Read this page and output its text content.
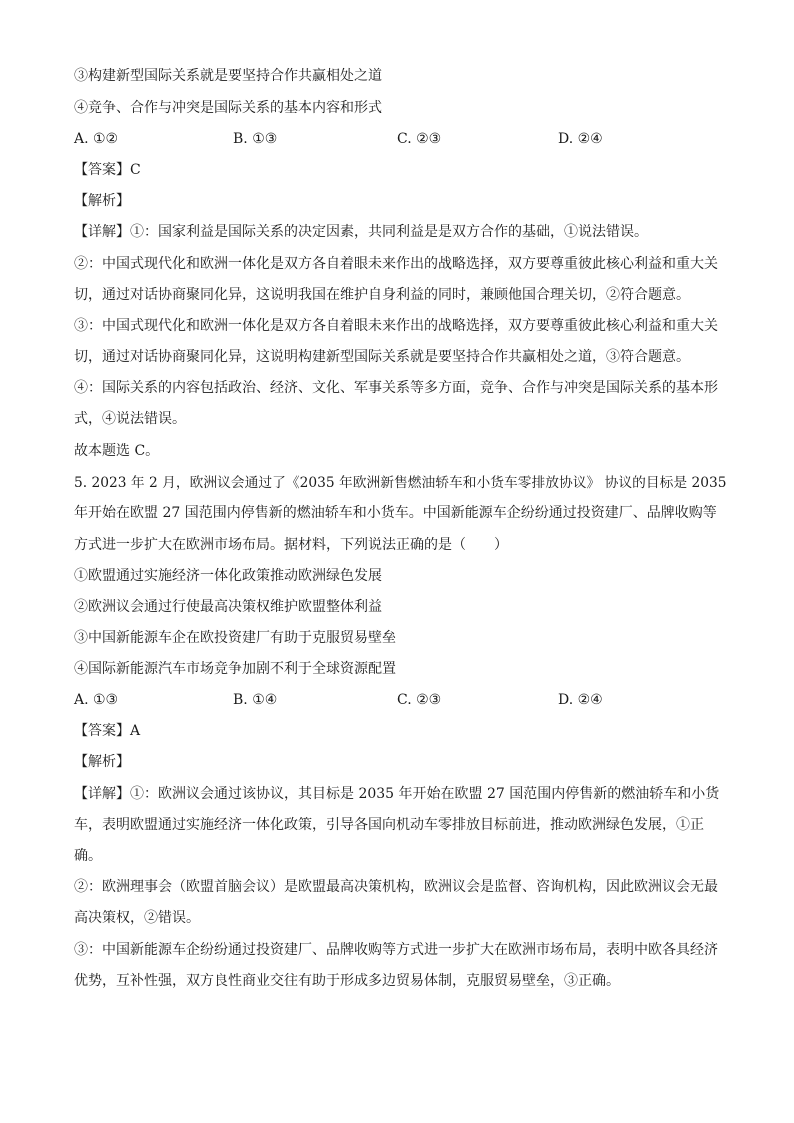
③构建新型国际关系就是要坚持合作共赢相处之道
④竞争、合作与冲突是国际关系的基本内容和形式
A. ①②	B. ①③	C. ②③	D. ②④
【答案】C
【解析】
【详解】①：国家利益是国际关系的决定因素，共同利益是是双方合作的基础，①说法错误。
②：中国式现代化和欧洲一体化是双方各自着眼未来作出的战略选择，双方要尊重彼此核心利益和重大关
切，通过对话协商聚同化异，这说明我国在维护自身利益的同时，兼顾他国合理关切，②符合题意。
③：中国式现代化和欧洲一体化是双方各自着眼未来作出的战略选择，双方要尊重彼此核心利益和重大关
切，通过对话协商聚同化异，这说明构建新型国际关系就是要坚持合作共赢相处之道，③符合题意。
④：国际关系的内容包括政治、经济、文化、军事关系等多方面，竞争、合作与冲突是国际关系的基本形
式，④说法错误。
故本题选 C。
5. 2023 年 2 月，欧洲议会通过了《2035 年欧洲新售燃油轿车和小货车零排放协议》 协议的目标是 2035
年开始在欧盟 27 国范围内停售新的燃油轿车和小货车。中国新能源车企纷纷通过投资建厂、品牌收购等
方式进一步扩大在欧洲市场布局。据材料，下列说法正确的是（　　）
①欧盟通过实施经济一体化政策推动欧洲绿色发展
②欧洲议会通过行使最高决策权维护欧盟整体利益
③中国新能源车企在欧投资建厂有助于克服贸易壁垒
④国际新能源汽车市场竞争加剧不利于全球资源配置
A. ①③	B. ①④	C. ②③	D. ②④
【答案】A
【解析】
【详解】①：欧洲议会通过该协议，其目标是 2035 年开始在欧盟 27 国范围内停售新的燃油轿车和小货
车，表明欧盟通过实施经济一体化政策，引导各国向机动车零排放目标前进，推动欧洲绿色发展，①正
确。
②：欧洲理事会（欧盟首脑会议）是欧盟最高决策机构，欧洲议会是监督、咨询机构，因此欧洲议会无最
高决策权，②错误。
③：中国新能源车企纷纷通过投资建厂、品牌收购等方式进一步扩大在欧洲市场布局，表明中欧各具经济
优势，互补性强，双方良性商业交往有助于形成多边贸易体制，克服贸易壁垒，③正确。
